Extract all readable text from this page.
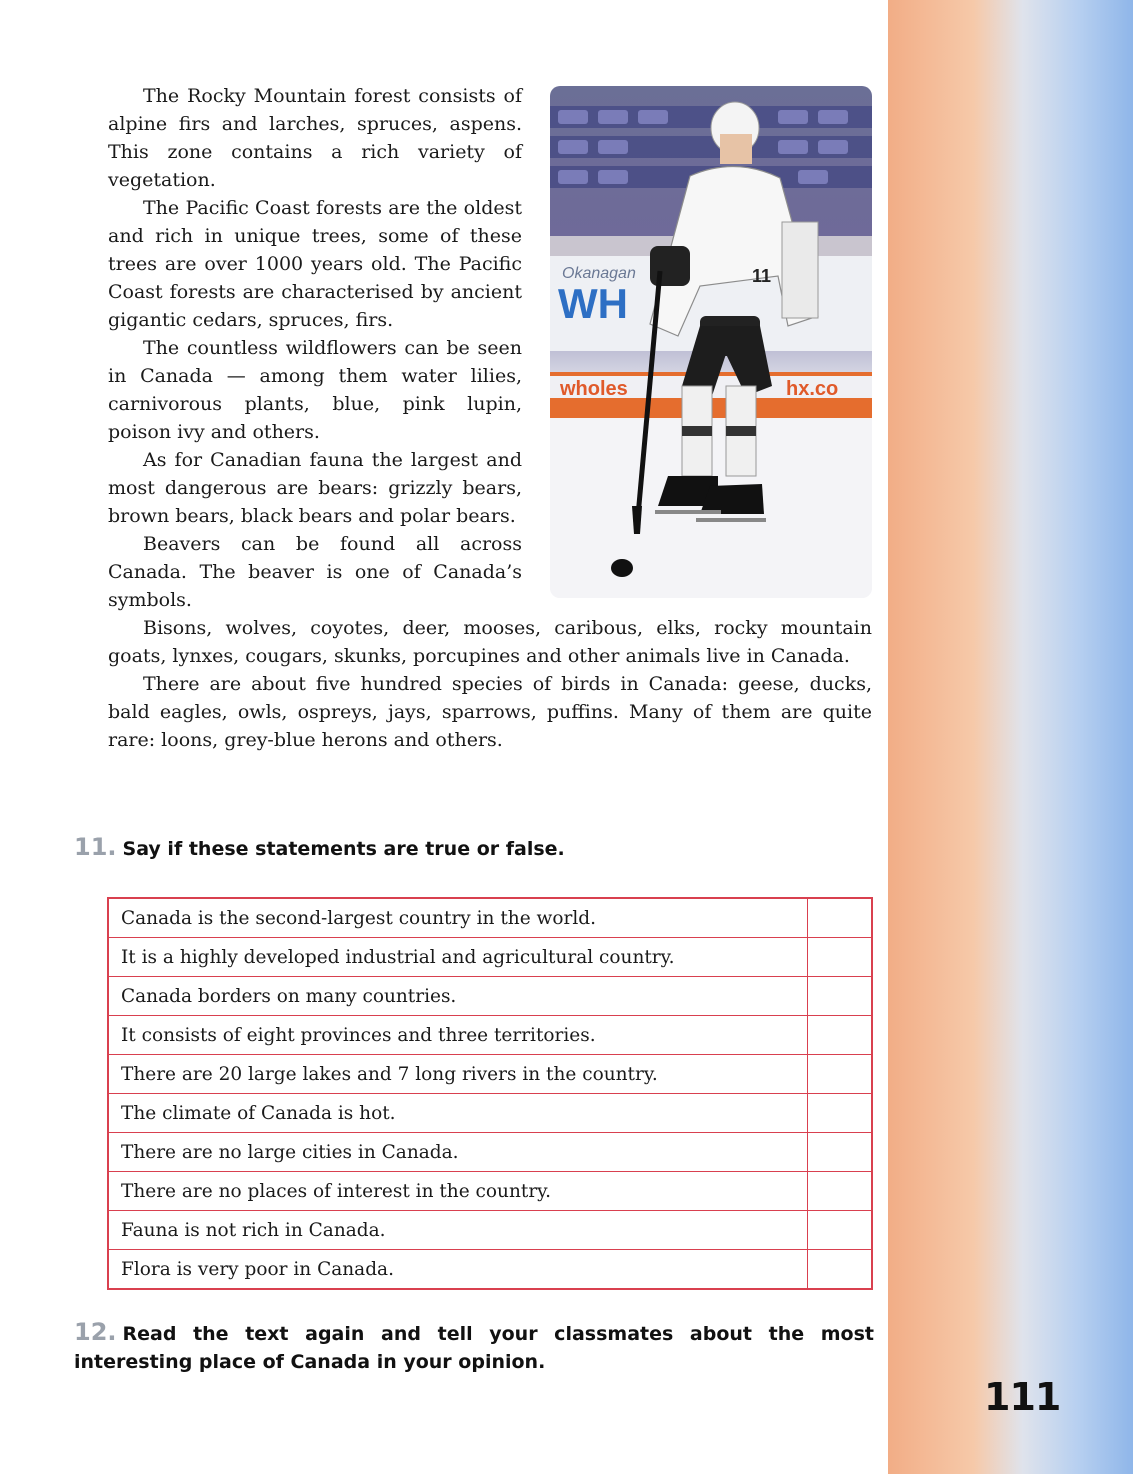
Okanagan
WH
wholes	hx.co
11

The Rocky Mountain forest consists of alpine firs and larches, spruces, aspens. This zone contains a rich variety of vegetation.

The Pacific Coast forests are the oldest and rich in unique trees, some of these trees are over 1000 years old. The Pacific Coast forests are characterised by ancient gigantic cedars, spruces, firs.

The countless wildflowers can be seen in Canada — among them water lilies, carnivorous plants, blue, pink lupin, poison ivy and others.

As for Canadian fauna the largest and most dangerous are bears: grizzly bears, brown bears, black bears and polar bears.

Beavers can be found all across Canada. The beaver is one of Canada’s symbols.

Bisons, wolves, coyotes, deer, mooses, caribous, elks, rocky mountain goats, lynxes, cougars, skunks, porcupines and other animals live in Canada.

There are about five hundred species of birds in Canada: geese, ducks, bald eagles, owls, ospreys, jays, sparrows, puffins. Many of them are quite rare: loons, grey-blue herons and others.

11. Say if these statements are true or false.
Canada is the second-largest country in the world.	
It is a highly developed industrial and agricultural country.	
Canada borders on many countries.	
It consists of eight provinces and three territories.	
There are 20 large lakes and 7 long rivers in the country.	
The climate of Canada is hot.	
There are no large cities in Canada.	
There are no places of interest in the country.	
Fauna is not rich in Canada.	
Flora is very poor in Canada.	
12. Read the text again and tell your classmates about the most interesting place of Canada in your opinion.
111
